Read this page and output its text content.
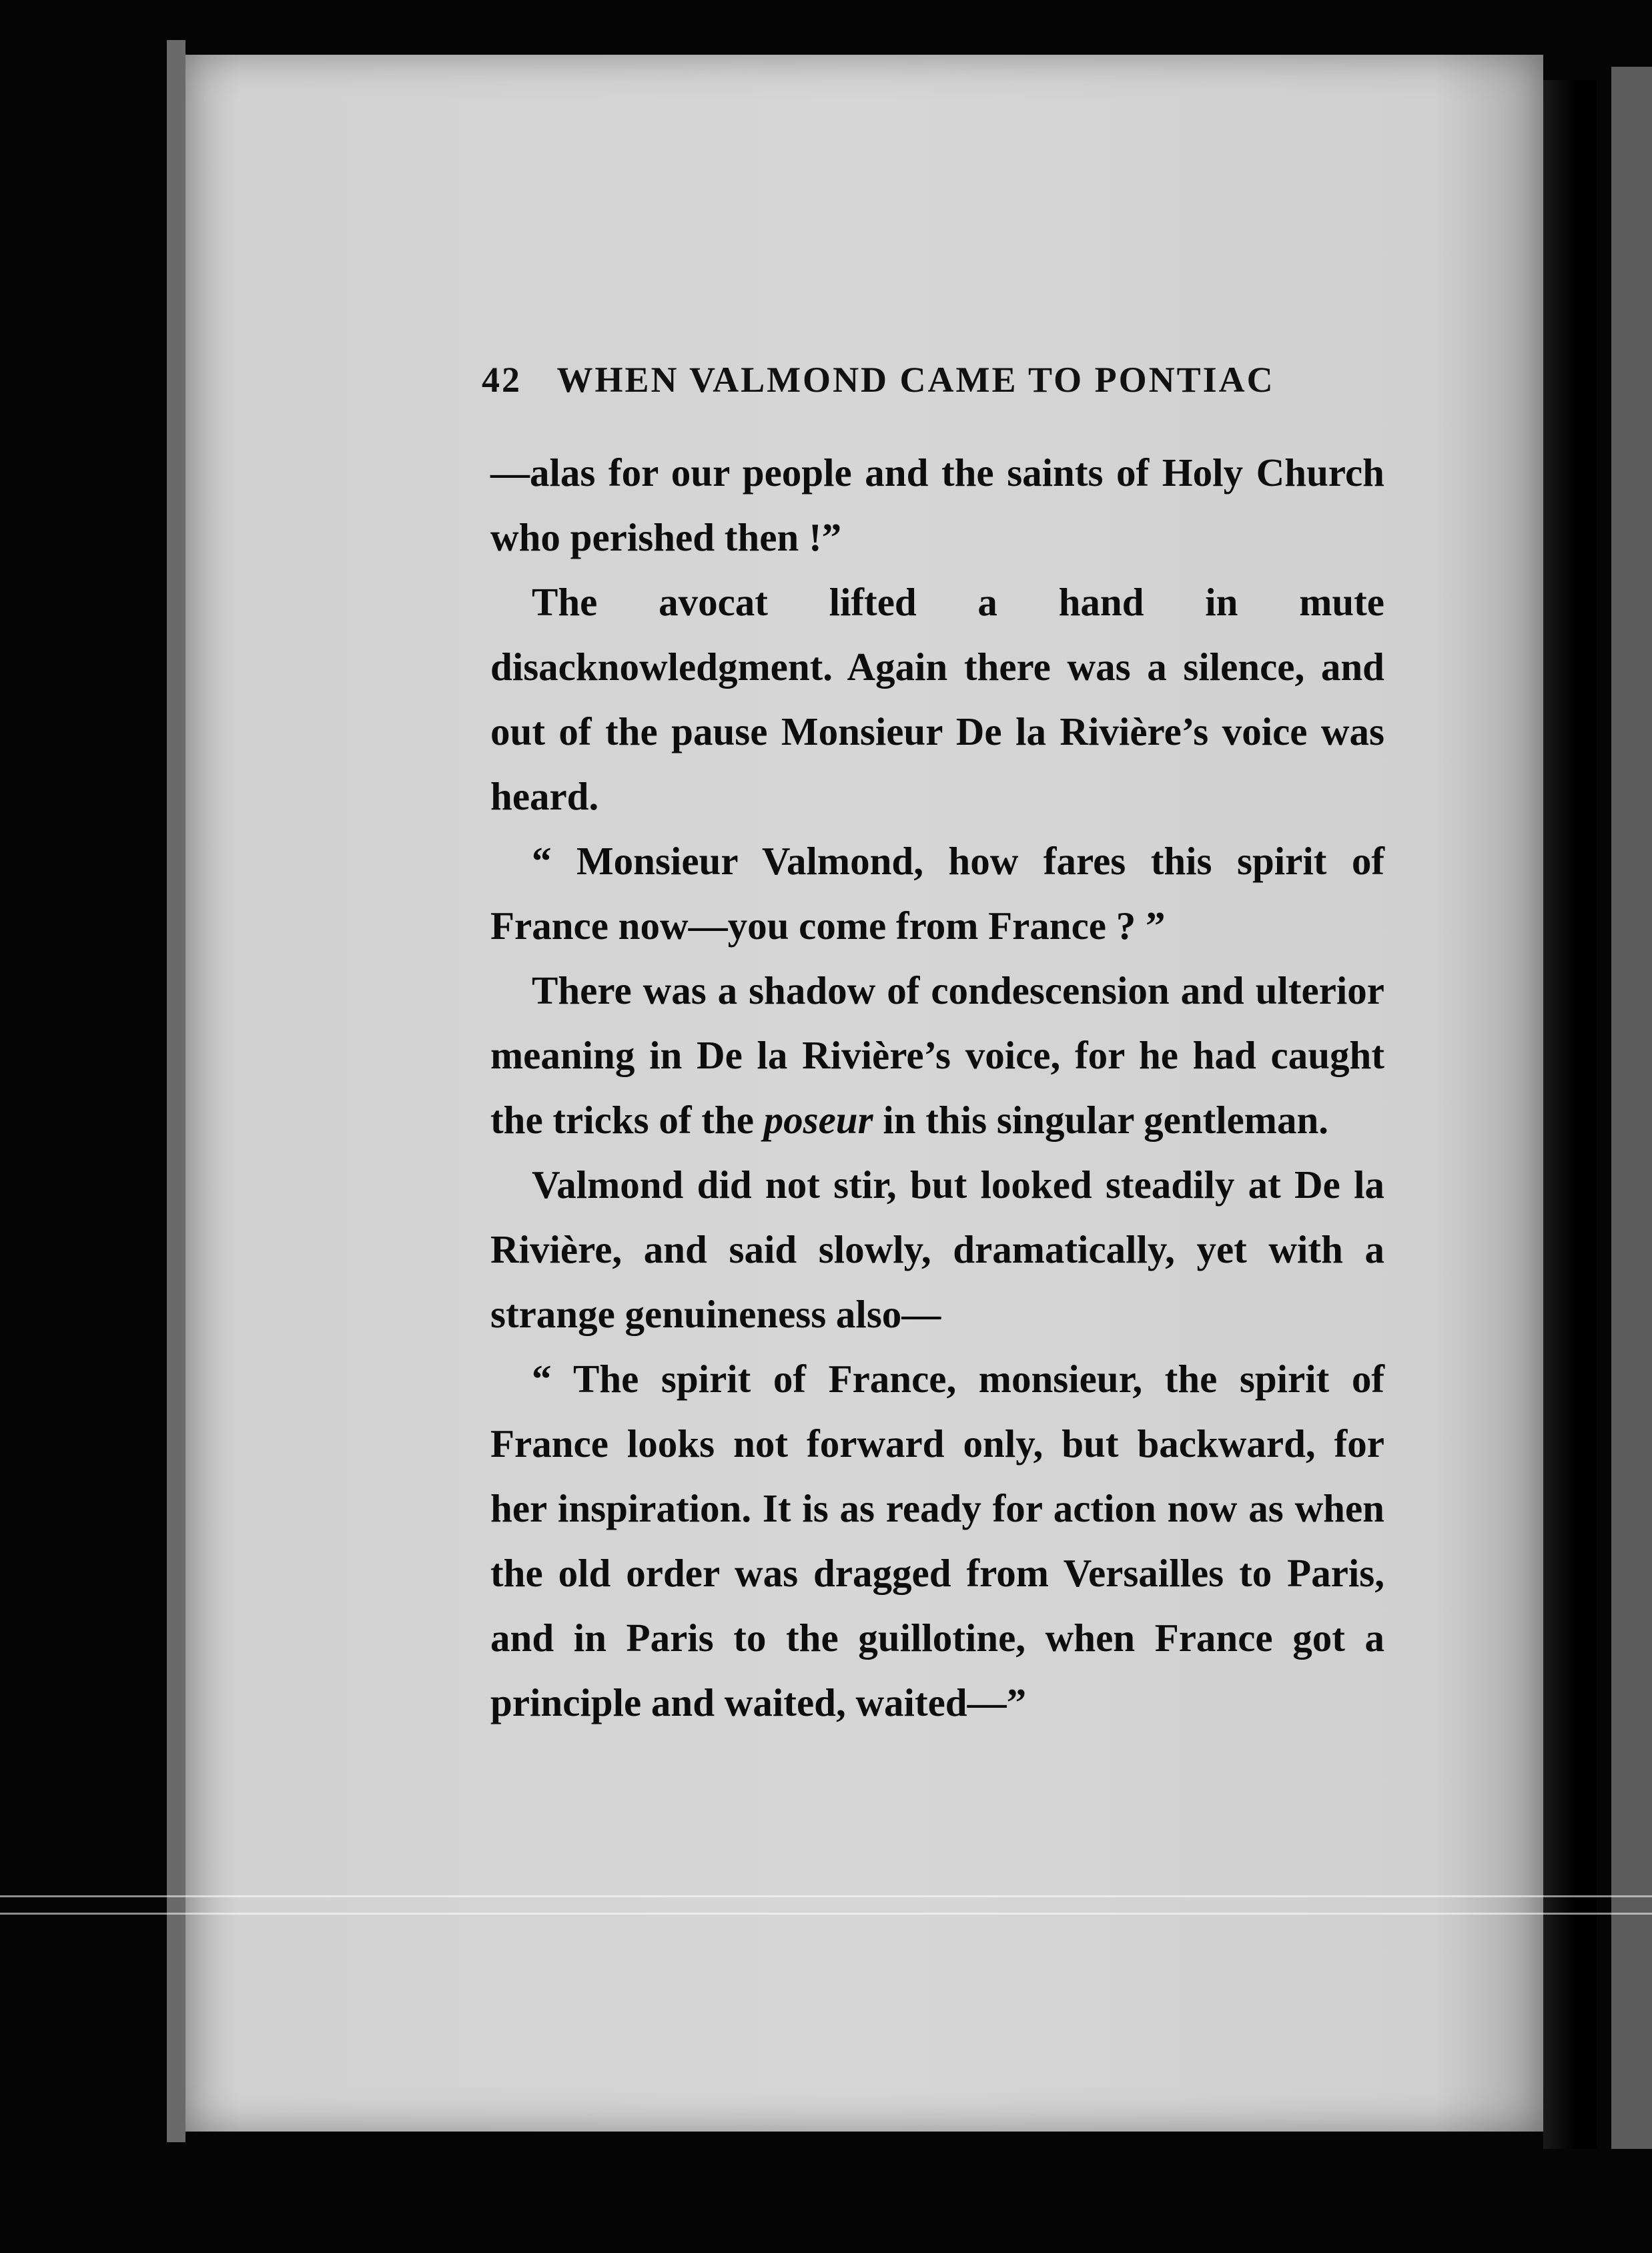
42 WHEN VALMOND CAME TO PONTIAC

—alas for our people and the saints of Holy Church who perished then !”

The avocat lifted a hand in mute disacknowledgment. Again there was a silence, and out of the pause Monsieur De la Rivière’s voice was heard.

“ Monsieur Valmond, how fares this spirit of France now—you come from France ? ”

There was a shadow of condescension and ulterior meaning in De la Rivière’s voice, for he had caught the tricks of the poseur in this singular gentleman.

Valmond did not stir, but looked steadily at De la Rivière, and said slowly, dramatically, yet with a strange genuineness also—

“ The spirit of France, monsieur, the spirit of France looks not forward only, but backward, for her inspiration. It is as ready for action now as when the old order was dragged from Versailles to Paris, and in Paris to the guillotine, when France got a principle and waited, waited—”
